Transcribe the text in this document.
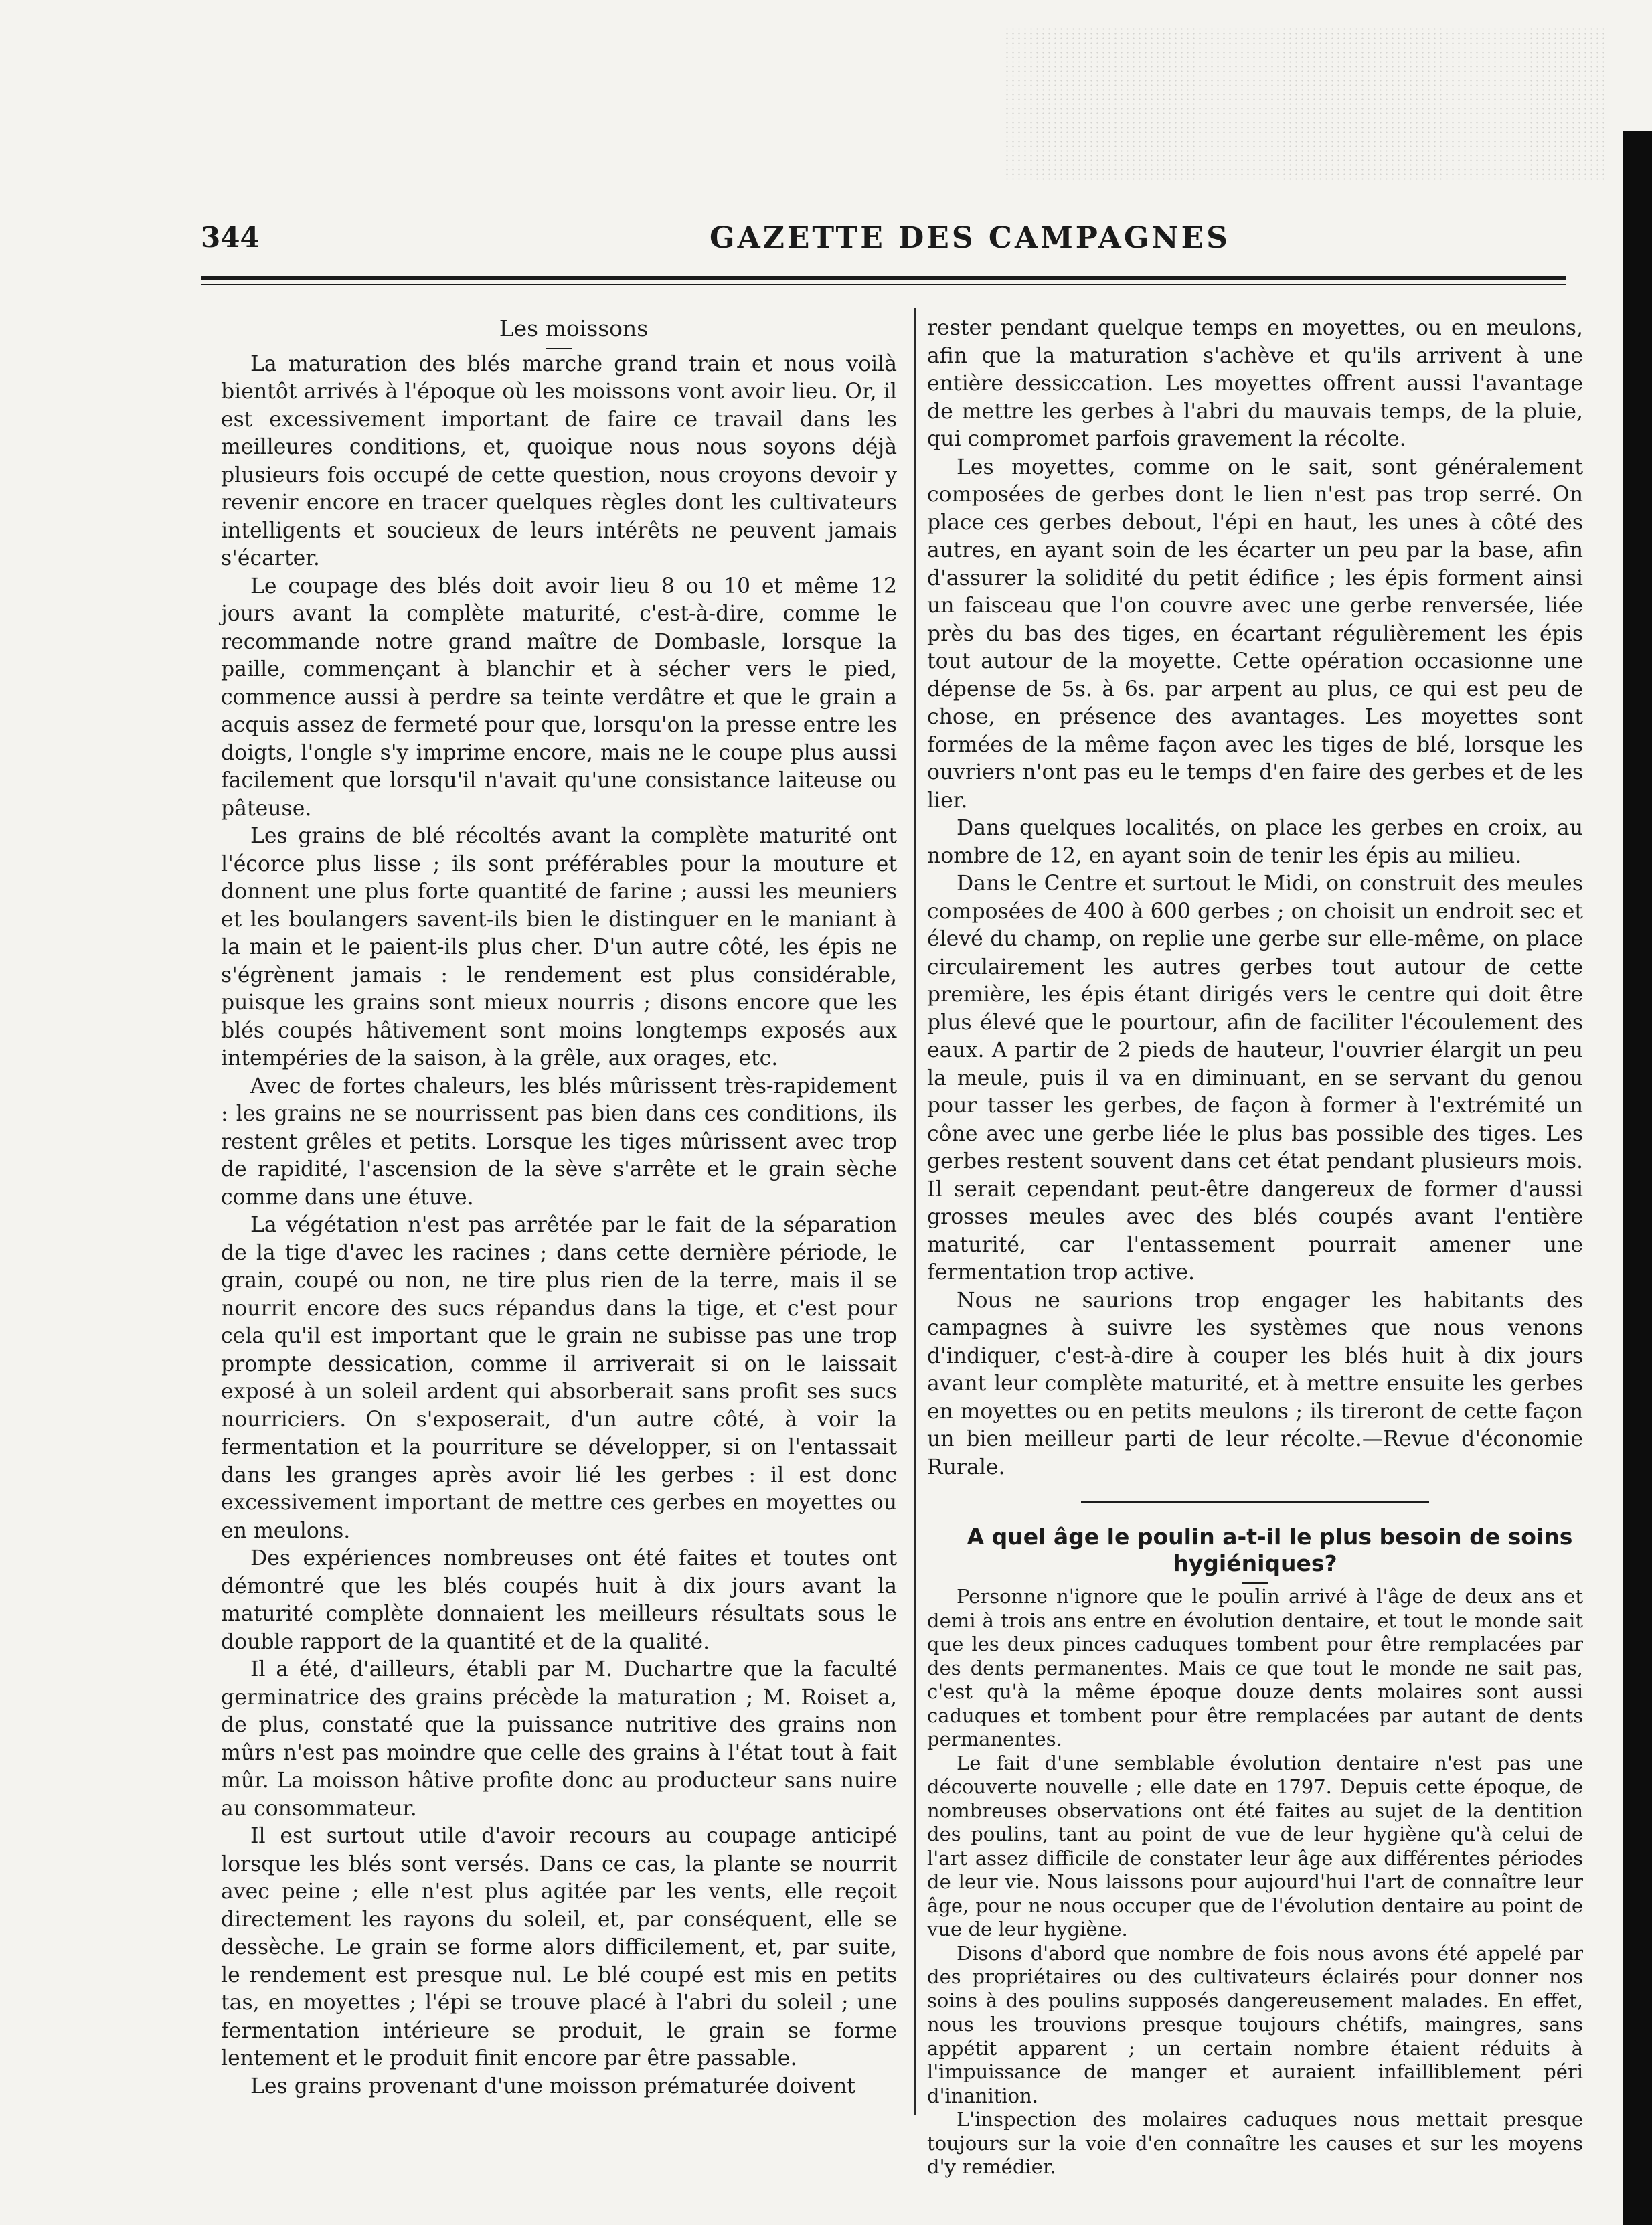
344	GAZETTE DES CAMPAGNES

Les moissons

La maturation des blés marche grand train et nous voilà bientôt arrivés à l'époque où les moissons vont avoir lieu. Or, il est excessivement important de faire ce travail dans les meilleures conditions, et, quoique nous nous soyons déjà plusieurs fois occupé de cette question, nous croyons devoir y revenir encore en tracer quelques règles dont les cultivateurs intelligents et soucieux de leurs intérêts ne peuvent jamais s'écarter.

Le coupage des blés doit avoir lieu 8 ou 10 et même 12 jours avant la complète maturité, c'est-à-dire, comme le recommande notre grand maître de Dombasle, lorsque la paille, commençant à blanchir et à sécher vers le pied, commence aussi à perdre sa teinte verdâtre et que le grain a acquis assez de fermeté pour que, lorsqu'on la presse entre les doigts, l'ongle s'y imprime encore, mais ne le coupe plus aussi facilement que lorsqu'il n'avait qu'une consistance laiteuse ou pâteuse.

Les grains de blé récoltés avant la complète maturité ont l'écorce plus lisse ; ils sont préférables pour la mouture et donnent une plus forte quantité de farine ; aussi les meuniers et les boulangers savent-ils bien le distinguer en le maniant à la main et le paient-ils plus cher. D'un autre côté, les épis ne s'égrènent jamais : le rendement est plus considérable, puisque les grains sont mieux nourris ; disons encore que les blés coupés hâtivement sont moins longtemps exposés aux intempéries de la saison, à la grêle, aux orages, etc.

Avec de fortes chaleurs, les blés mûrissent très-rapidement : les grains ne se nourrissent pas bien dans ces conditions, ils restent grêles et petits. Lorsque les tiges mûrissent avec trop de rapidité, l'ascension de la sève s'arrête et le grain sèche comme dans une étuve.

La végétation n'est pas arrêtée par le fait de la séparation de la tige d'avec les racines ; dans cette dernière période, le grain, coupé ou non, ne tire plus rien de la terre, mais il se nourrit encore des sucs répandus dans la tige, et c'est pour cela qu'il est important que le grain ne subisse pas une trop prompte dessication, comme il arriverait si on le laissait exposé à un soleil ardent qui absorberait sans profit ses sucs nourriciers. On s'exposerait, d'un autre côté, à voir la fermentation et la pourriture se développer, si on l'entassait dans les granges après avoir lié les gerbes : il est donc excessivement important de mettre ces gerbes en moyettes ou en meulons.

Des expériences nombreuses ont été faites et toutes ont démontré que les blés coupés huit à dix jours avant la maturité complète donnaient les meilleurs résultats sous le double rapport de la quantité et de la qualité.

Il a été, d'ailleurs, établi par M. Duchartre que la faculté germinatrice des grains précède la maturation ; M. Roiset a, de plus, constaté que la puissance nutritive des grains non mûrs n'est pas moindre que celle des grains à l'état tout à fait mûr. La moisson hâtive profite donc au producteur sans nuire au consommateur.

Il est surtout utile d'avoir recours au coupage anticipé lorsque les blés sont versés. Dans ce cas, la plante se nourrit avec peine ; elle n'est plus agitée par les vents, elle reçoit directement les rayons du soleil, et, par conséquent, elle se dessèche. Le grain se forme alors difficilement, et, par suite, le rendement est presque nul. Le blé coupé est mis en petits tas, en moyettes ; l'épi se trouve placé à l'abri du soleil ; une fermentation intérieure se produit, le grain se forme lentement et le produit finit encore par être passable.

Les grains provenant d'une moisson prématurée doivent

rester pendant quelque temps en moyettes, ou en meulons, afin que la maturation s'achève et qu'ils arrivent à une entière dessiccation. Les moyettes offrent aussi l'avantage de mettre les gerbes à l'abri du mauvais temps, de la pluie, qui compromet parfois gravement la récolte.

Les moyettes, comme on le sait, sont généralement composées de gerbes dont le lien n'est pas trop serré. On place ces gerbes debout, l'épi en haut, les unes à côté des autres, en ayant soin de les écarter un peu par la base, afin d'assurer la solidité du petit édifice ; les épis forment ainsi un faisceau que l'on couvre avec une gerbe renversée, liée près du bas des tiges, en écartant régulièrement les épis tout autour de la moyette. Cette opération occasionne une dépense de 5s. à 6s. par arpent au plus, ce qui est peu de chose, en présence des avantages. Les moyettes sont formées de la même façon avec les tiges de blé, lorsque les ouvriers n'ont pas eu le temps d'en faire des gerbes et de les lier.

Dans quelques localités, on place les gerbes en croix, au nombre de 12, en ayant soin de tenir les épis au milieu.

Dans le Centre et surtout le Midi, on construit des meules composées de 400 à 600 gerbes ; on choisit un endroit sec et élevé du champ, on replie une gerbe sur elle-même, on place circulairement les autres gerbes tout autour de cette première, les épis étant dirigés vers le centre qui doit être plus élevé que le pourtour, afin de faciliter l'écoulement des eaux. A partir de 2 pieds de hauteur, l'ouvrier élargit un peu la meule, puis il va en diminuant, en se servant du genou pour tasser les gerbes, de façon à former à l'extrémité un cône avec une gerbe liée le plus bas possible des tiges. Les gerbes restent souvent dans cet état pendant plusieurs mois. Il serait cependant peut-être dangereux de former d'aussi grosses meules avec des blés coupés avant l'entière maturité, car l'entassement pourrait amener une fermentation trop active.

Nous ne saurions trop engager les habitants des campagnes à suivre les systèmes que nous venons d'indiquer, c'est-à-dire à couper les blés huit à dix jours avant leur complète maturité, et à mettre ensuite les gerbes en moyettes ou en petits meulons ; ils tireront de cette façon un bien meilleur parti de leur récolte.—Revue d'économie Rurale.

A quel âge le poulin a-t-il le plus besoin de soins hygiéniques?

Personne n'ignore que le poulin arrivé à l'âge de deux ans et demi à trois ans entre en évolution dentaire, et tout le monde sait que les deux pinces caduques tombent pour être remplacées par des dents permanentes. Mais ce que tout le monde ne sait pas, c'est qu'à la même époque douze dents molaires sont aussi caduques et tombent pour être remplacées par autant de dents permanentes.

Le fait d'une semblable évolution dentaire n'est pas une découverte nouvelle ; elle date en 1797. Depuis cette époque, de nombreuses observations ont été faites au sujet de la dentition des poulins, tant au point de vue de leur hygiène qu'à celui de l'art assez difficile de constater leur âge aux différentes périodes de leur vie. Nous laissons pour aujourd'hui l'art de connaître leur âge, pour ne nous occuper que de l'évolution dentaire au point de vue de leur hygiène.

Disons d'abord que nombre de fois nous avons été appelé par des propriétaires ou des cultivateurs éclairés pour donner nos soins à des poulins supposés dangereusement malades. En effet, nous les trouvions presque toujours chétifs, maingres, sans appétit apparent ; un certain nombre étaient réduits à l'impuissance de manger et auraient infailliblement péri d'inanition.

L'inspection des molaires caduques nous mettait presque toujours sur la voie d'en connaître les causes et sur les moyens d'y remédier.
